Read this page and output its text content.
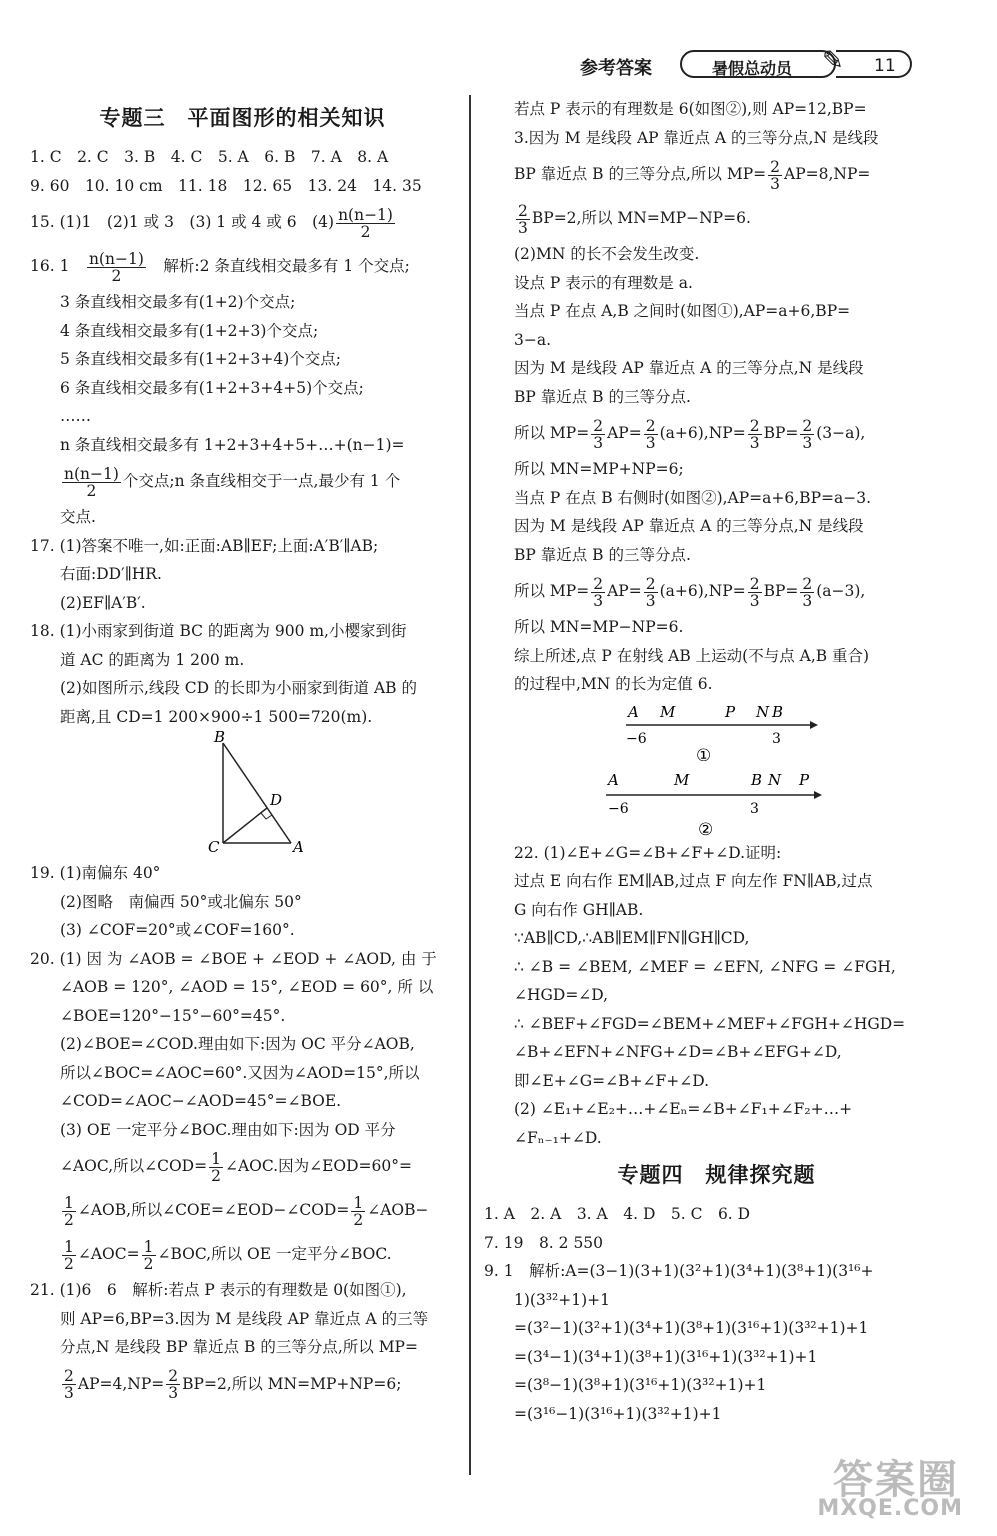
参考答案	暑假总动员	11
✎
专题三　平面图形的相关知识
1. C　2. C　3. B　4. C　5. A　6. B　7. A　8. A
9. 60　10. 10 cm　11. 18　12. 65　13. 24　14. 35
15. (1)1　(2)1 或 3　(3) 1 或 4 或 6　$(4) \frac{n(n-1)}{2}$
16. 1　 $\frac{n(n-1)}{2}$ 　解析:2 条直线相交最多有 1 个交点;
3 条直线相交最多有(1+2)个交点;
4 条直线相交最多有(1+2+3)个交点;
5 条直线相交最多有(1+2+3+4)个交点;
6 条直线相交最多有(1+2+3+4+5)个交点;
……
n 条直线相交最多有 1+2+3+4+5+…+(n−1)=
$\frac{n(n-1)}{2}$ 个交点;n 条直线相交于一点,最少有 1 个
交点.
17. (1)答案不唯一,如:正面:AB∥EF;上面:A′B′∥AB;
右面:DD′∥HR.
(2)EF∥A′B′.
18. (1)小雨家到街道 BC 的距离为 900 m,小樱家到街
道 AC 的距离为 1 200 m.
(2)如图所示,线段 CD 的长即为小丽家到街道 AB 的
距离,且 CD=1 200×900÷1 500=720(m).
B
C	A
D
19. (1)南偏东 40°
(2)图略　南偏西 50°或北偏东 50°
(3) ∠COF=20°或∠COF=160°.
20. (1) 因 为 ∠AOB = ∠BOE + ∠EOD + ∠AOD, 由 于
∠AOB = 120°, ∠AOD = 15°, ∠EOD = 60°, 所 以
∠BOE=120°−15°−60°=45°.
(2)∠BOE=∠COD.理由如下:因为 OC 平分∠AOB,
所以∠BOC=∠AOC=60°.又因为∠AOD=15°,所以
∠COD=∠AOC−∠AOD=45°=∠BOE.
(3) OE 一定平分∠BOC.理由如下:因为 OD 平分
∠AOC,所以∠COD= $\frac{1}{2}$ ∠AOC.因为∠EOD=60°=
$\frac{1}{2}$ ∠AOB,所以∠COE=∠EOD−∠COD= $\frac{1}{2}$ ∠AOB−
$\frac{1}{2}$ ∠AOC= $\frac{1}{2}$ ∠BOC,所以 OE 一定平分∠BOC.
21. (1)6　6　解析:若点 P 表示的有理数是 0(如图①),
则 AP=6,BP=3.因为 M 是线段 AP 靠近点 A 的三等
分点,N 是线段 BP 靠近点 B 的三等分点,所以 MP=
$\frac{2}{3} AP=4,NP= \frac{2}{3} BP=2$,所以 MN=MP+NP=6;
若点 P 表示的有理数是 6(如图②),则 AP=12,BP=
3.因为 M 是线段 AP 靠近点 A 的三等分点,N 是线段
BP 靠近点 B 的三等分点,所以 $MP= \frac{2}{3} AP=8,NP=$
$\frac{2}{3} BP=2$,所以 MN=MP−NP=6.
(2)MN 的长不会发生改变.
设点 P 表示的有理数是 a.
当点 P 在点 A,B 之间时(如图①),AP=a+6,BP=
3−a.
因为 M 是线段 AP 靠近点 A 的三等分点,N 是线段
BP 靠近点 B 的三等分点.
所以 $MP= \frac{2}{3} AP= \frac{2}{3} (a+6),NP= \frac{2}{3} BP= \frac{2}{3} (3-a)$,
所以 MN=MP+NP=6;
当点 P 在点 B 右侧时(如图②),AP=a+6,BP=a−3.
因为 M 是线段 AP 靠近点 A 的三等分点,N 是线段
BP 靠近点 B 的三等分点.
所以 $MP= \frac{2}{3} AP= \frac{2}{3} (a+6),NP= \frac{2}{3} BP= \frac{2}{3} (a-3)$,
所以 MN=MP−NP=6.
综上所述,点 P 在射线 AB 上运动(不与点 A,B 重合)
的过程中,MN 的长为定值 6.
A M	P N B
−6	3
①
A	M	B N P
−6	3
②
22. (1)∠E+∠G=∠B+∠F+∠D.证明:
过点 E 向右作 EM∥AB,过点 F 向左作 FN∥AB,过点
G 向右作 GH∥AB.
∵AB∥CD,∴AB∥EM∥FN∥GH∥CD,
∴ ∠B = ∠BEM, ∠MEF = ∠EFN, ∠NFG = ∠FGH,
∠HGD=∠D,
∴ ∠BEF+∠FGD=∠BEM+∠MEF+∠FGH+∠HGD=
∠B+∠EFN+∠NFG+∠D=∠B+∠EFG+∠D,
即∠E+∠G=∠B+∠F+∠D.
(2) ∠E₁+∠E₂+…+∠Eₙ=∠B+∠F₁+∠F₂+…+
∠Fₙ₋₁+∠D.
专题四　规律探究题
1. A　2. A　3. A　4. D　5. C　6. D
7. 19　8. 2 550
9. 1　解析:A=(3−1)(3+1)(3²+1)(3⁴+1)(3⁸+1)(3¹⁶+
1)(3³²+1)+1
=(3²−1)(3²+1)(3⁴+1)(3⁸+1)(3¹⁶+1)(3³²+1)+1
=(3⁴−1)(3⁴+1)(3⁸+1)(3¹⁶+1)(3³²+1)+1
=(3⁸−1)(3⁸+1)(3¹⁶+1)(3³²+1)+1
=(3¹⁶−1)(3¹⁶+1)(3³²+1)+1
答案圈
MXQE.COM
